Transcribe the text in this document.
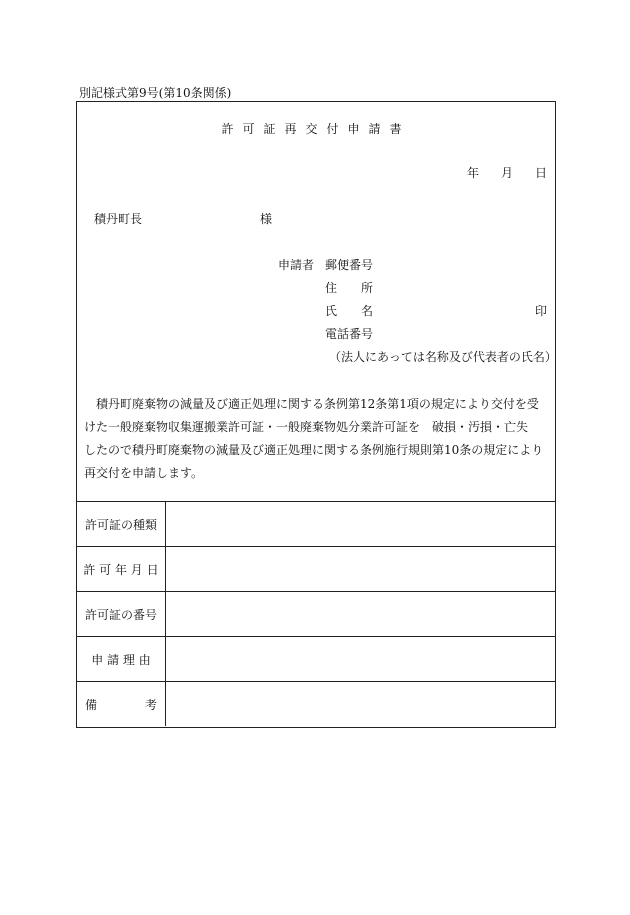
別記様式第9号(第10条関係)
許可証再交付申請書
年 月 日
積丹町長	様
申請者 郵便番号
住　　所
氏　　名	印
電話番号
（法人にあっては名称及び代表者の氏名）
積丹町廃棄物の減量及び適正処理に関する条例第12条第1項の規定により交付を受けた一般廃棄物収集運搬業許可証・一般廃棄物処分業許可証を　破損・汚損・亡失　したので積丹町廃棄物の減量及び適正処理に関する条例施行規則第10条の規定により再交付を申請します。
許可証の種類
許 可 年 月 日
許可証の番号
申 請 理 由
備　　　　考
